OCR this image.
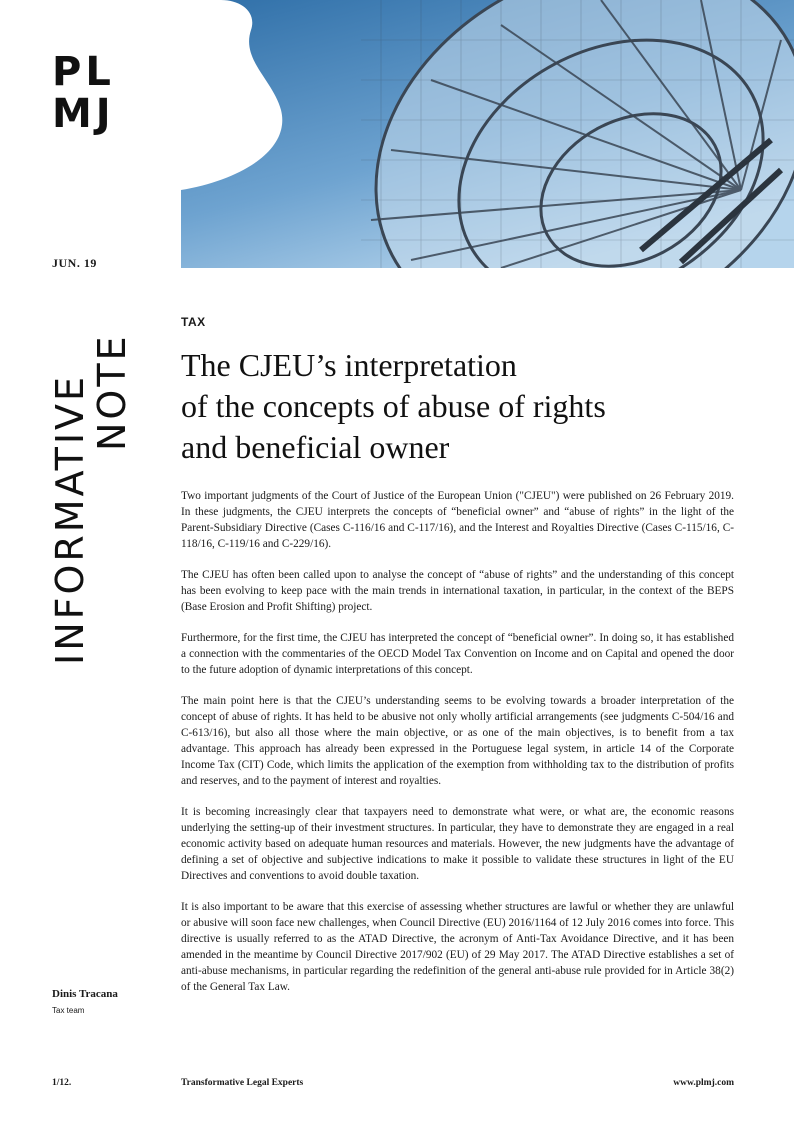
PL
MJ
JUN. 19
INFORMATIVE
NOTE
TAX
The CJEU’s interpretation
of the concepts of abuse of rights
and beneficial owner

Two important judgments of the Court of Justice of the European Union ("CJEU") were published on 26 February 2019. In these judgments, the CJEU interprets the concepts of “beneficial owner” and “abuse of rights” in the light of the Parent-Subsidiary Directive (Cases C-116/16 and C-117/16), and the Interest and Royalties Directive (Cases C-115/16, C-118/16, C-119/16 and C-229/16).

The CJEU has often been called upon to analyse the concept of “abuse of rights” and the understanding of this concept has been evolving to keep pace with the main trends in international taxation, in particular, in the context of the BEPS (Base Erosion and Profit Shifting) project.

Furthermore, for the first time, the CJEU has interpreted the concept of “beneficial owner”. In doing so, it has established a connection with the commentaries of the OECD Model Tax Convention on Income and on Capital and opened the door to the future adoption of dynamic interpretations of this concept.

The main point here is that the CJEU’s understanding seems to be evolving towards a broader interpretation of the concept of abuse of rights. It has held to be abusive not only wholly artificial arrangements (see judgments C-504/16 and C-613/16), but also all those where the main objective, or as one of the main objectives, is to benefit from a tax advantage. This approach has already been expressed in the Portuguese legal system, in article 14 of the Corporate Income Tax (CIT) Code, which limits the application of the exemption from withholding tax to the distribution of profits and reserves, and to the payment of interest and royalties.

It is becoming increasingly clear that taxpayers need to demonstrate what were, or what are, the economic reasons underlying the setting-up of their investment structures. In particular, they have to demonstrate they are engaged in a real economic activity based on adequate human resources and materials. However, the new judgments have the advantage of defining a set of objective and subjective indications to make it possible to validate these structures in light of the EU Directives and conventions to avoid double taxation.

It is also important to be aware that this exercise of assessing whether structures are lawful or whether they are unlawful or abusive will soon face new challenges, when Council Directive (EU) 2016/1164 of 12 July 2016 comes into force. This directive is usually referred to as the ATAD Directive, the acronym of Anti-Tax Avoidance Directive, and it has been amended in the meantime by Council Directive 2017/902 (EU) of 29 May 2017. The ATAD Directive establishes a set of anti-abuse mechanisms, in particular regarding the redefinition of the general anti-abuse rule provided for in Article 38(2) of the General Tax Law.

Dinis Tracana
Tax team
1/12.	Transformative Legal Experts	www.plmj.com
